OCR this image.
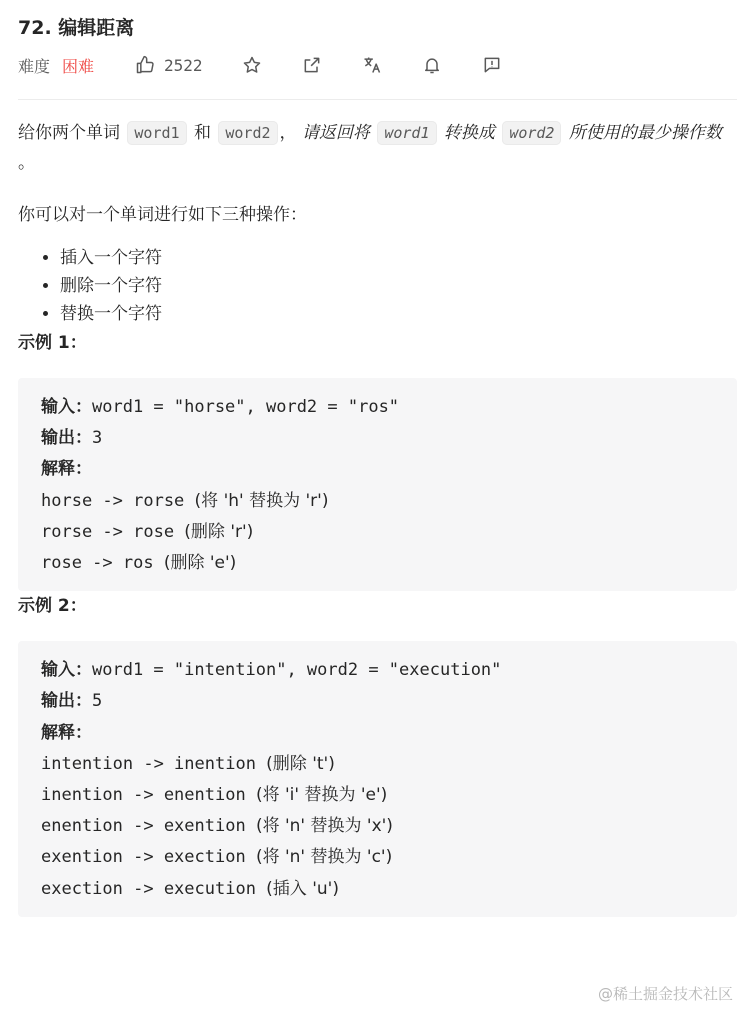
72. 编辑距离
难度 困难	2522

给你两个单词 word1 和 word2 ， 请返回将 word1 转换成 word2 所使用的最少操作数 。

你可以对一个单词进行如下三种操作：

• 插入一个字符
• 删除一个字符
• 替换一个字符

示例 1：

输入：word1 = "horse", word2 = "ros"
输出：3
解释：
horse -> rorse (将 'h' 替换为 'r')
rorse -> rose (删除 'r')
rose -> ros (删除 'e')

示例 2：

输入：word1 = "intention", word2 = "execution"
输出：5
解释：
intention -> inention (删除 't')
inention -> enention (将 'i' 替换为 'e')
enention -> exention (将 'n' 替换为 'x')
exention -> exection (将 'n' 替换为 'c')
exection -> execution (插入 'u')
@稀土掘金技术社区
